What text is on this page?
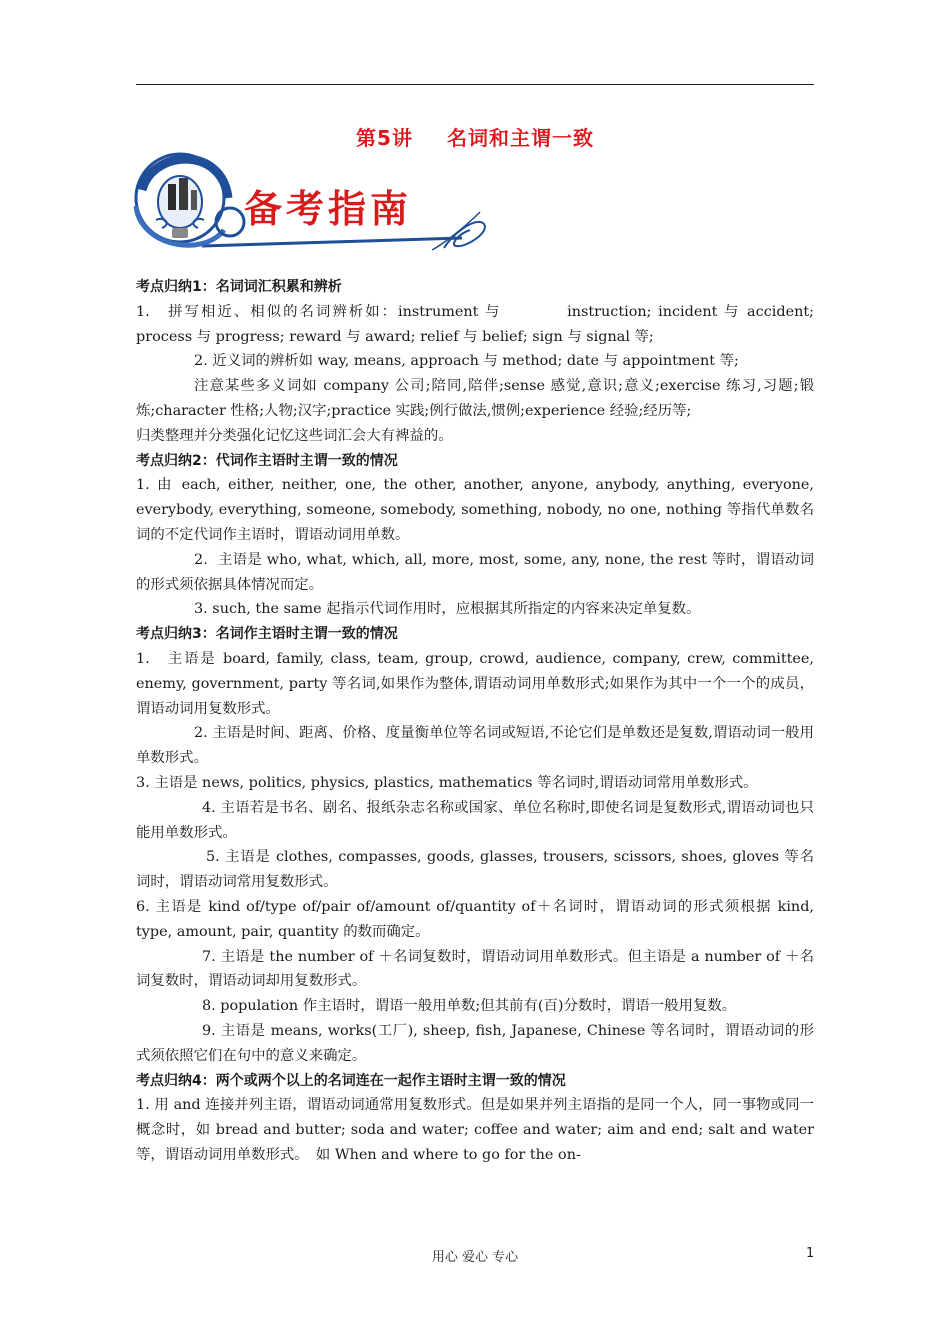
第5讲 名词和主谓一致
备考指南

考点归纳1：名词词汇积累和辨析

1.　拼写相近、相似的名词辨析如：instrument 与　　　　instruction; incident 与 accident; process 与 progress; reward 与 award; relief 与 belief; sign 与 signal 等;

2. 近义词的辨析如 way, means, approach 与 method; date 与 appointment 等;

注意某些多义词如 company 公司;陪同,陪伴;sense 感觉,意识;意义;exercise 练习,习题;锻炼;character 性格;人物;汉字;practice 实践;例行做法,惯例;experience 经验;经历等;

归类整理并分类强化记忆这些词汇会大有裨益的。

考点归纳2：代词作主语时主谓一致的情况

1. 由 each, either, neither, one, the other, another, anyone, anybody, anything, everyone, everybody, everything, someone, somebody, something, nobody, no one, nothing 等指代单数名词的不定代词作主语时，谓语动词用单数。

2．主语是 who, what, which, all, more, most, some, any, none, the rest 等时，谓语动词的形式须依据具体情况而定。

3. such, the same 起指示代词作用时，应根据其所指定的内容来决定单复数。

考点归纳3：名词作主语时主谓一致的情况

1.　主语是 board, family, class, team, group, crowd, audience, company, crew, committee, enemy, government, party 等名词,如果作为整体,谓语动词用单数形式;如果作为其中一个一个的成员，谓语动词用复数形式。

2. 主语是时间、距离、价格、度量衡单位等名词或短语,不论它们是单数还是复数,谓语动词一般用单数形式。

3. 主语是 news, politics, physics, plastics, mathematics 等名词时,谓语动词常用单数形式。

4. 主语若是书名、剧名、报纸杂志名称或国家、单位名称时,即使名词是复数形式,谓语动词也只能用单数形式。

5. 主语是 clothes, compasses, goods, glasses, trousers, scissors, shoes, gloves 等名词时，谓语动词常用复数形式。

6. 主语是 kind of/type of/pair of/amount of/quantity of＋名词时，谓语动词的形式须根据 kind, type, amount, pair, quantity 的数而确定。

7. 主语是 the number of ＋名词复数时，谓语动词用单数形式。但主语是 a number of ＋名词复数时，谓语动词却用复数形式。

8. population 作主语时，谓语一般用单数;但其前有(百)分数时，谓语一般用复数。

9. 主语是 means, works(工厂), sheep, fish, Japanese, Chinese 等名词时，谓语动词的形式须依照它们在句中的意义来确定。

考点归纳4：两个或两个以上的名词连在一起作主语时主谓一致的情况

1. 用 and 连接并列主语，谓语动词通常用复数形式。但是如果并列主语指的是同一个人，同一事物或同一概念时，如 bread and butter; soda and water; coffee and water; aim and end; salt and water 等，谓语动词用单数形式。　如 When and where to go for the on-

用心 爱心 专心	1
